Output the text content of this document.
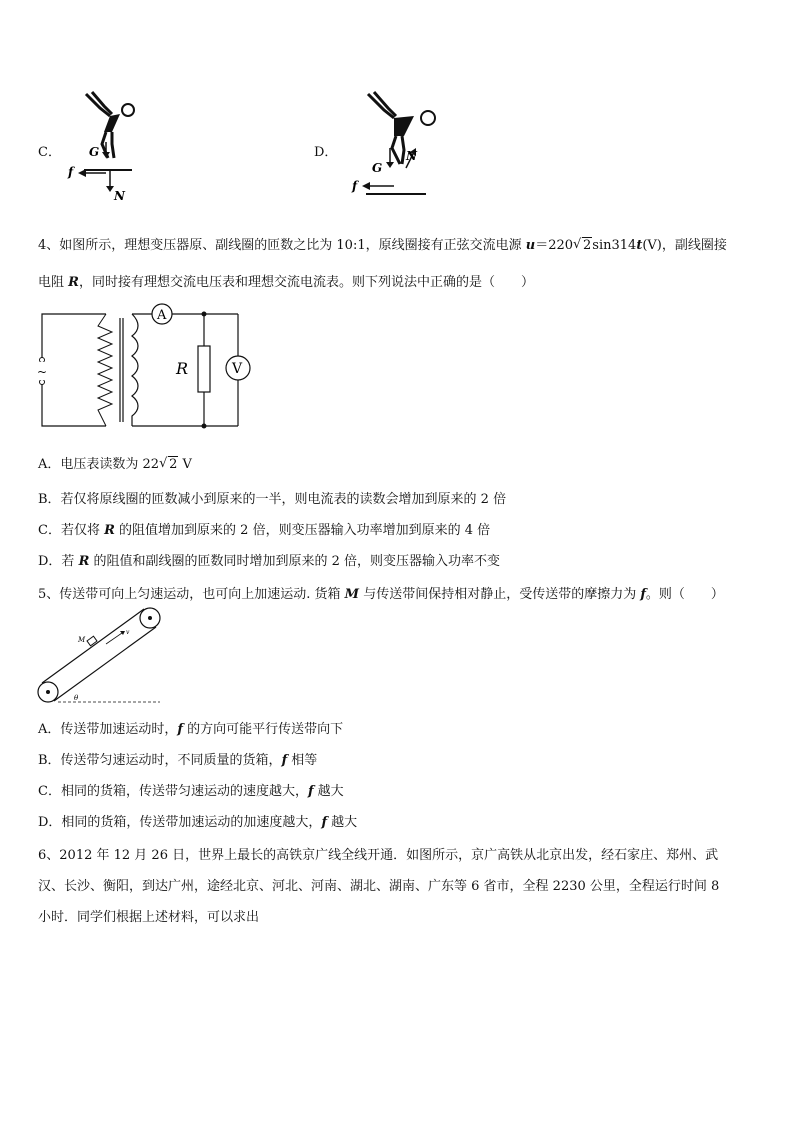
C． G
f
N
D．
G
N
f
4、如图所示，理想变压器原、副线圈的匝数之比为 10:1，原线圈接有正弦交流电源 u＝220 √ 2sin314t(V)，副线圈接
电阻 R，同时接有理想交流电压表和理想交流电流表。则下列说法中正确的是（　　）
~
A
R	V
A．电压表读数为 22 √ 2 V
B．若仅将原线圈的匝数减小到原来的一半，则电流表的读数会增加到原来的 2 倍
C．若仅将 R 的阻值增加到原来的 2 倍，则变压器输入功率增加到原来的 4 倍
D．若 R 的阻值和副线圈的匝数同时增加到原来的 2 倍，则变压器输入功率不变
5、传送带可向上匀速运动，也可向上加速运动. 货箱 M 与传送带间保持相对静止，受传送带的摩擦力为 f。则（　　）
M
v
θ
A．传送带加速运动时，f 的方向可能平行传送带向下
B．传送带匀速运动时，不同质量的货箱，f 相等
C．相同的货箱，传送带匀速运动的速度越大，f 越大
D．相同的货箱，传送带加速运动的加速度越大，f 越大
6、2012 年 12 月 26 日，世界上最长的高铁京广线全线开通．如图所示，京广高铁从北京出发，经石家庄、郑州、武
汉、长沙、衡阳，到达广州，途经北京、河北、河南、湖北、湖南、广东等 6 省市，全程 2230 公里，全程运行时间 8
小时．同学们根据上述材料，可以求出
